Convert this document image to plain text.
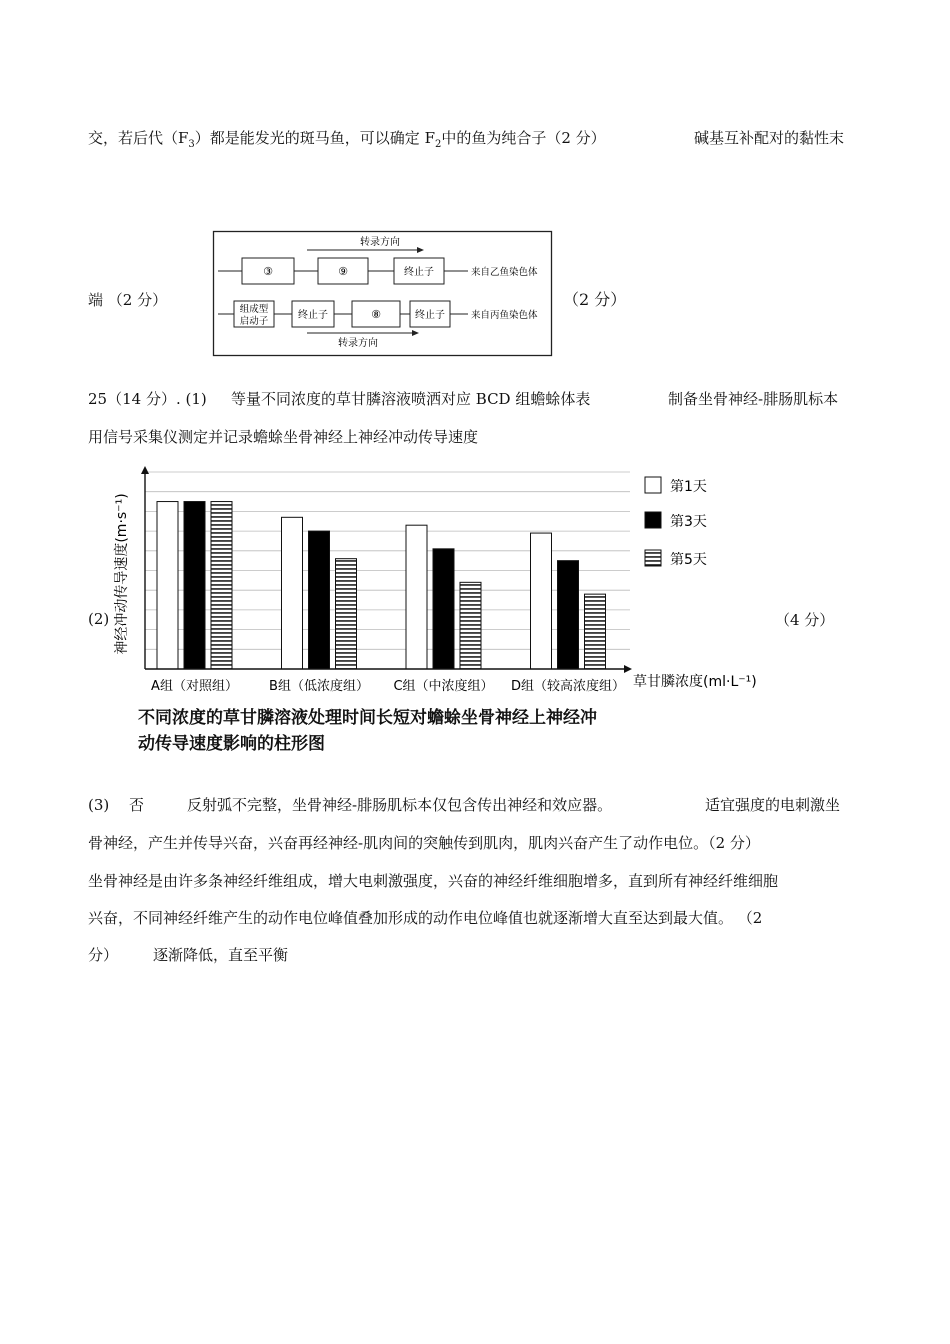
交，若后代$(F_3)$都是能发光的斑马鱼，可以确定 $F_2$中的鱼为纯合子（2 分）	碱基互补配对的黏性末
端 （2 分）	（2 分）
转录方向
③	⑨	终止子	来自乙鱼染色体
组成型
启动子
终止子	⑧	终止子	来自丙鱼染色体
转录方向
25（14 分）. (1) 等量不同浓度的草甘膦溶液喷洒对应 BCD 组蟾蜍体表	制备坐骨神经-腓肠肌标本
用信号采集仪测定并记录蟾蜍坐骨神经上神经冲动传导速度
(2)	（4 分）
神经冲动传导速度(m·s⁻¹)
草甘膦浓度(ml·L⁻¹)
A组（对照组） B组（低浓度组） C组（中浓度组） D组（较高浓度组）
第1天
第3天
第5天
不同浓度的草甘膦溶液处理时间长短对蟾蜍坐骨神经上神经冲
动传导速度影响的柱形图
(3) 否	反射弧不完整，坐骨神经-腓肠肌标本仅包含传出神经和效应器。	适宜强度的电刺激坐
骨神经，产生并传导兴奋，兴奋再经神经-肌肉间的突触传到肌肉，肌肉兴奋产生了动作电位。（2 分）
坐骨神经是由许多条神经纤维组成，增大电刺激强度，兴奋的神经纤维细胞增多，直到所有神经纤维细胞
兴奋，不同神经纤维产生的动作电位峰值叠加形成的动作电位峰值也就逐渐增大直至达到最大值。 （2
分） 逐渐降低，直至平衡
